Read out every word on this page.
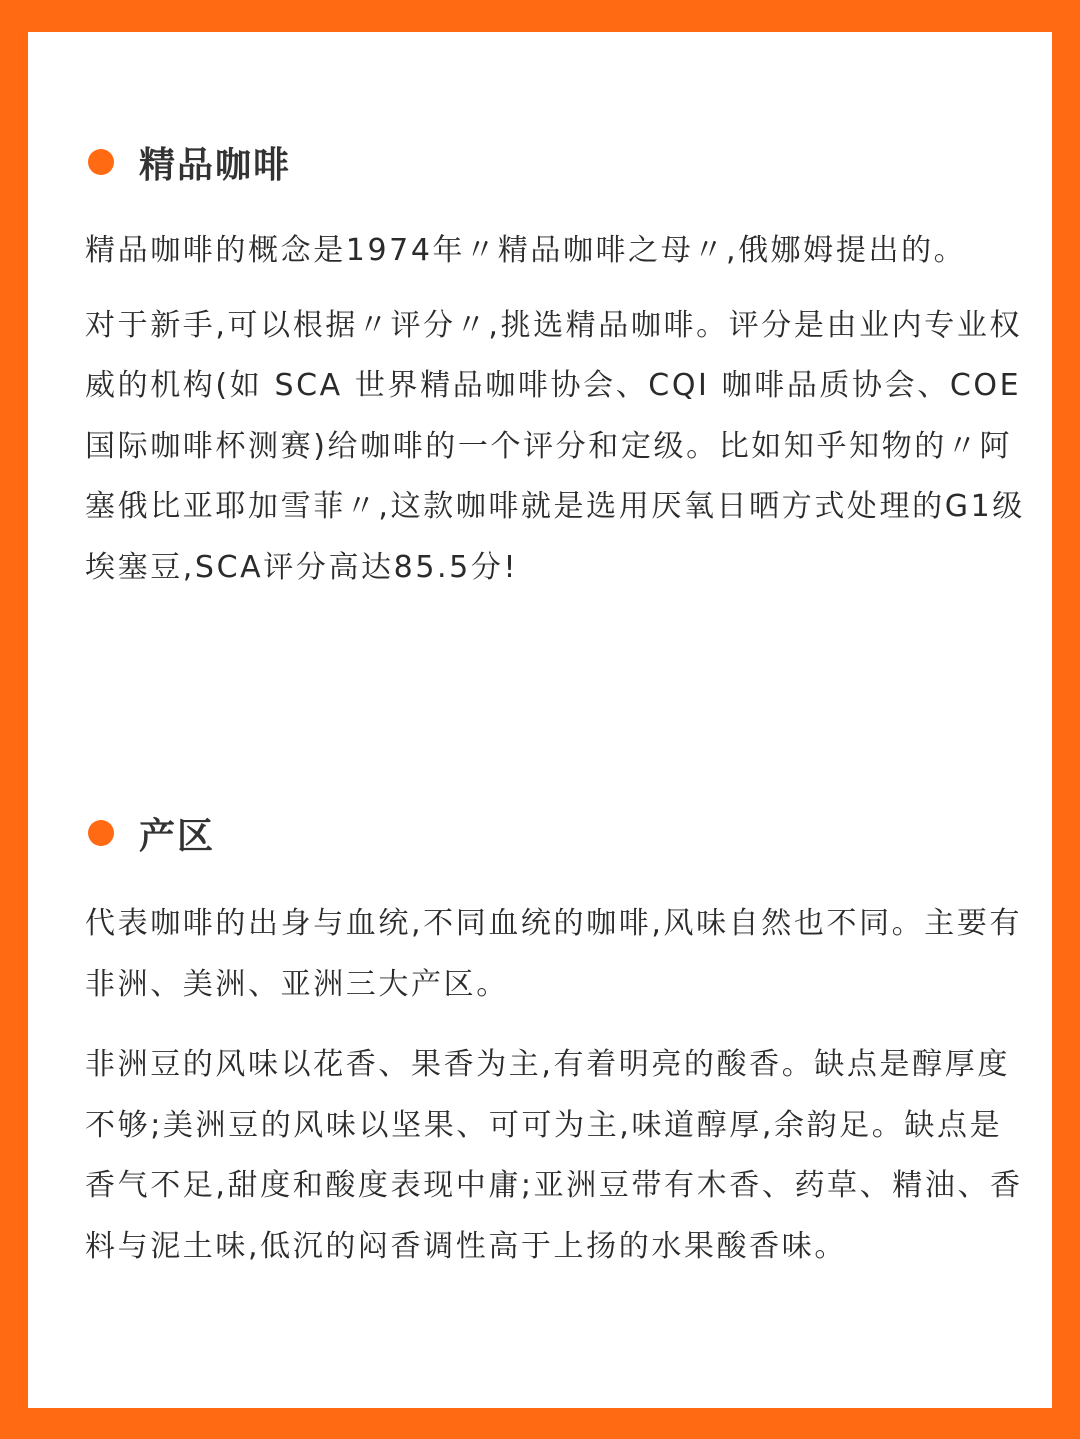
精品咖啡

精品咖啡的概念是1974年〃精品咖啡之母〃,俄娜姆提出的。

对于新手,可以根据〃评分〃,挑选精品咖啡。评分是由业内专业权威的机构(如 SCA 世界精品咖啡协会、CQI 咖啡品质协会、COE 国际咖啡杯测赛)给咖啡的一个评分和定级。比如知乎知物的〃阿塞俄比亚耶加雪菲〃,这款咖啡就是选用厌氧日晒方式处理的G1级埃塞豆,SCA评分高达85.5分!

产区

代表咖啡的出身与血统,不同血统的咖啡,风味自然也不同。主要有非洲、美洲、亚洲三大产区。

非洲豆的风味以花香、果香为主,有着明亮的酸香。缺点是醇厚度不够;美洲豆的风味以坚果、可可为主,味道醇厚,余韵足。缺点是香气不足,甜度和酸度表现中庸;亚洲豆带有木香、药草、精油、香料与泥土味,低沉的闷香调性高于上扬的水果酸香味。
